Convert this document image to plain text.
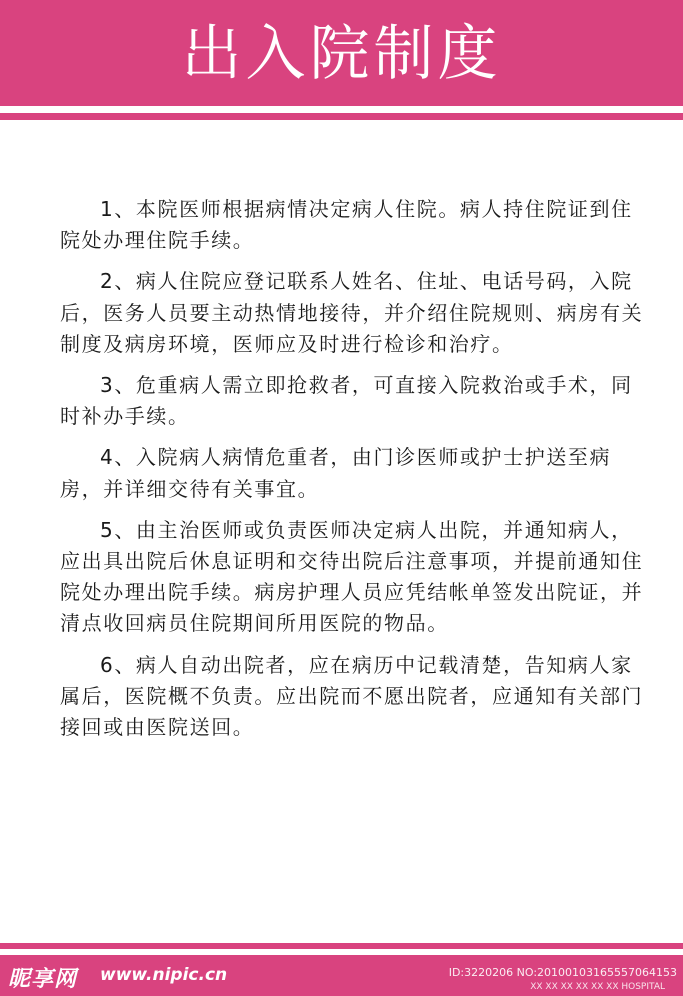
出入院制度

1、本院医师根据病情决定病人住院。病人持住院证到住院处办理住院手续。

2、病人住院应登记联系人姓名、住址、电话号码，入院后，医务人员要主动热情地接待，并介绍住院规则、病房有关制度及病房环境，医师应及时进行检诊和治疗。

3、危重病人需立即抢救者，可直接入院救治或手术，同时补办手续。

4、入院病人病情危重者，由门诊医师或护士护送至病房，并详细交待有关事宜。

5、由主治医师或负责医师决定病人出院，并通知病人，应出具出院后休息证明和交待出院后注意事项，并提前通知住院处办理出院手续。病房护理人员应凭结帐单签发出院证，并清点收回病员住院期间所用医院的物品。

6、病人自动出院者，应在病历中记载清楚，告知病人家属后，医院概不负责。应出院而不愿出院者，应通知有关部门接回或由医院送回。

昵享网 www.nipic.cn	ID:3220206 NO:20100103165557064153
XX XX XX XX XX XX HOSPITAL
